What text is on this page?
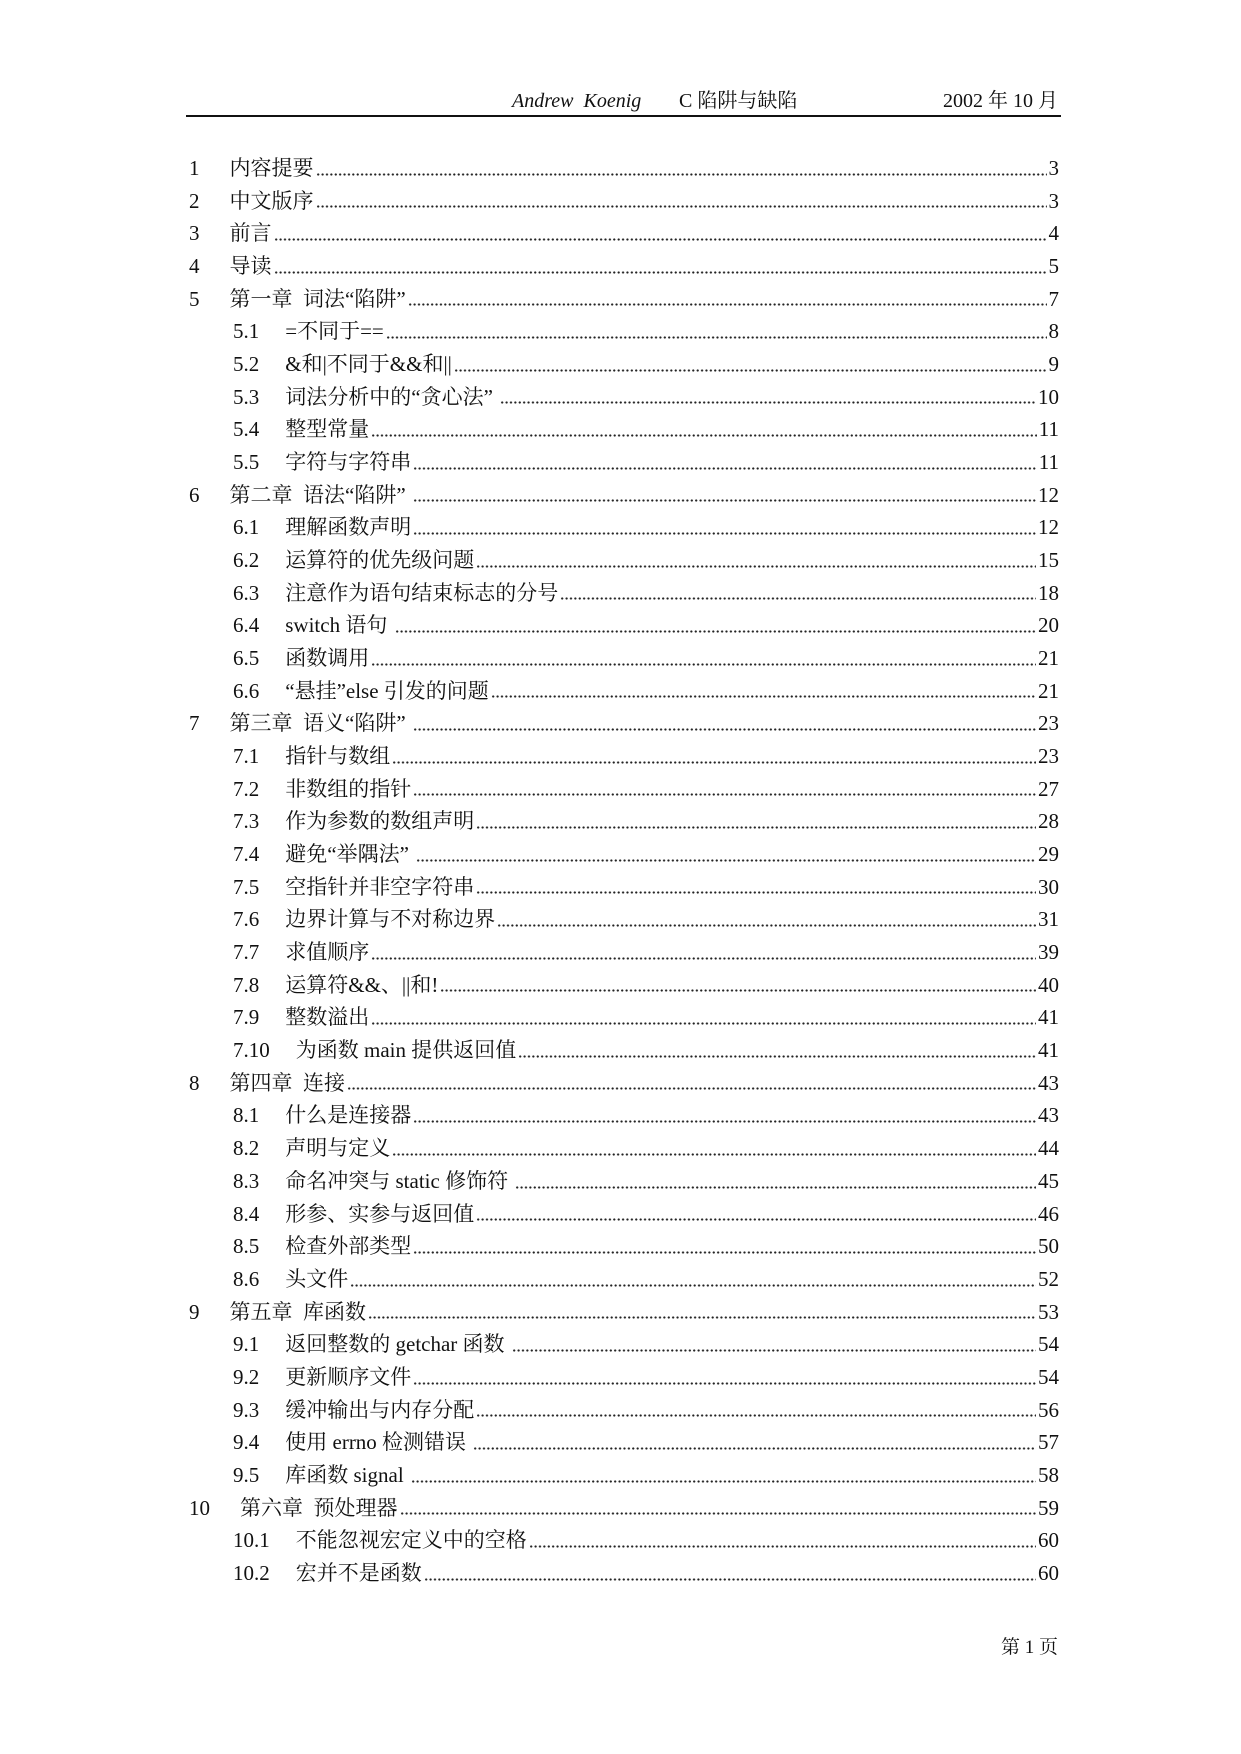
Andrew  Koenig C 陷阱与缺陷	2002 年 10 月
1 内容提要	3
2 中文版序	3
3 前言	4
4 导读	5
5 第一章  词法“陷阱”	7
5.1 =不同于==	8
5.2 &和|不同于&&和||	9
5.3 词法分析中的“贪心法”	10
5.4 整型常量	11
5.5 字符与字符串	11
6 第二章  语法“陷阱”	12
6.1 理解函数声明	12
6.2 运算符的优先级问题	15
6.3 注意作为语句结束标志的分号	18
6.4 switch 语句	20
6.5 函数调用	21
6.6 “悬挂”else 引发的问题	21
7 第三章  语义“陷阱”	23
7.1 指针与数组	23
7.2 非数组的指针	27
7.3 作为参数的数组声明	28
7.4 避免“举隅法”	29
7.5 空指针并非空字符串	30
7.6 边界计算与不对称边界	31
7.7 求值顺序	39
7.8 运算符&&、||和!	40
7.9 整数溢出	41
7.10 为函数 main 提供返回值	41
8 第四章  连接	43
8.1 什么是连接器	43
8.2 声明与定义	44
8.3 命名冲突与 static 修饰符	45
8.4 形参、实参与返回值	46
8.5 检查外部类型	50
8.6 头文件	52
9 第五章  库函数	53
9.1 返回整数的 getchar 函数	54
9.2 更新顺序文件	54
9.3 缓冲输出与内存分配	56
9.4 使用 errno 检测错误	57
9.5 库函数 signal	58
10 第六章  预处理器	59
10.1 不能忽视宏定义中的空格	60
10.2 宏并不是函数	60
第 1 页
